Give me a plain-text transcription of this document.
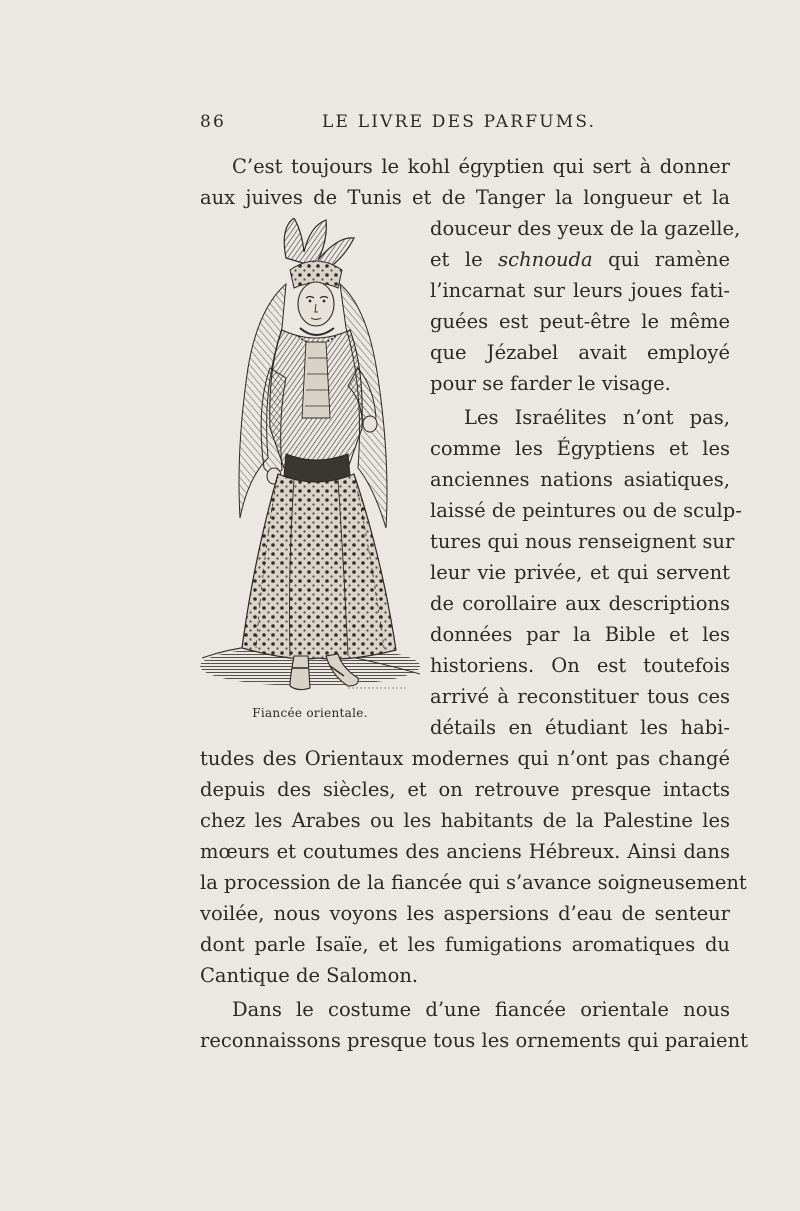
86	LE LIVRE DES PARFUMS.
C’est toujours le kohl égyptien qui sert à donner
aux juives de Tunis et de Tanger la longueur et la
douceur des yeux de la gazelle,
et le schnouda qui ramène
l’incarnat sur leurs joues fati-
guées est peut-être le même
que Jézabel avait employé
pour se farder le visage.
Les Israélites n’ont pas,
comme les Égyptiens et les
anciennes nations asiatiques,
laissé de peintures ou de sculp-
tures qui nous renseignent sur
leur vie privée, et qui servent
de corollaire aux descriptions
données par la Bible et les
historiens. On est toutefois
arrivé à reconstituer tous ces
détails en étudiant les habi-
tudes des Orientaux modernes qui n’ont pas changé
depuis des siècles, et on retrouve presque intacts
chez les Arabes ou les habitants de la Palestine les
mœurs et coutumes des anciens Hébreux. Ainsi dans
la procession de la fiancée qui s’avance soigneusement
voilée, nous voyons les aspersions d’eau de senteur
dont parle Isaïe, et les fumigations aromatiques du
Cantique de Salomon.
Dans le costume d’une fiancée orientale nous
reconnaissons presque tous les ornements qui paraient
Fiancée orientale.
